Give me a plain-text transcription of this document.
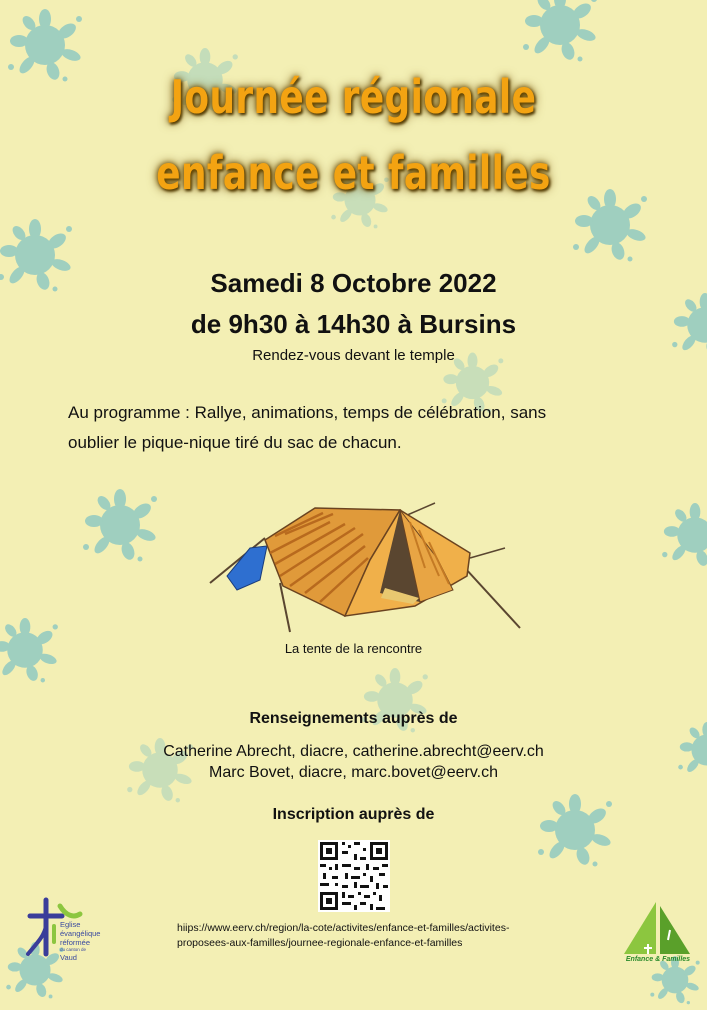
Journée régionale
enfance et familles
Samedi 8 Octobre 2022
de 9h30 à 14h30 à Bursins
Rendez-vous devant le temple
Au programme : Rallye, animations, temps de célébration, sans
oublier le pique-nique tiré du sac de chacun.
La tente de la rencontre
Renseignements auprès de
Catherine Abrecht, diacre, catherine.abrecht@eerv.ch
Marc Bovet, diacre, marc.bovet@eerv.ch
Inscription auprès de
hiips://www.eerv.ch/region/la-cote/activites/enfance-et-familles/activites-
proposees-aux-familles/journee-regionale-enfance-et-familles
Eglise
évangélique
réformée
du canton de
Vaud	Enfance & Familles
